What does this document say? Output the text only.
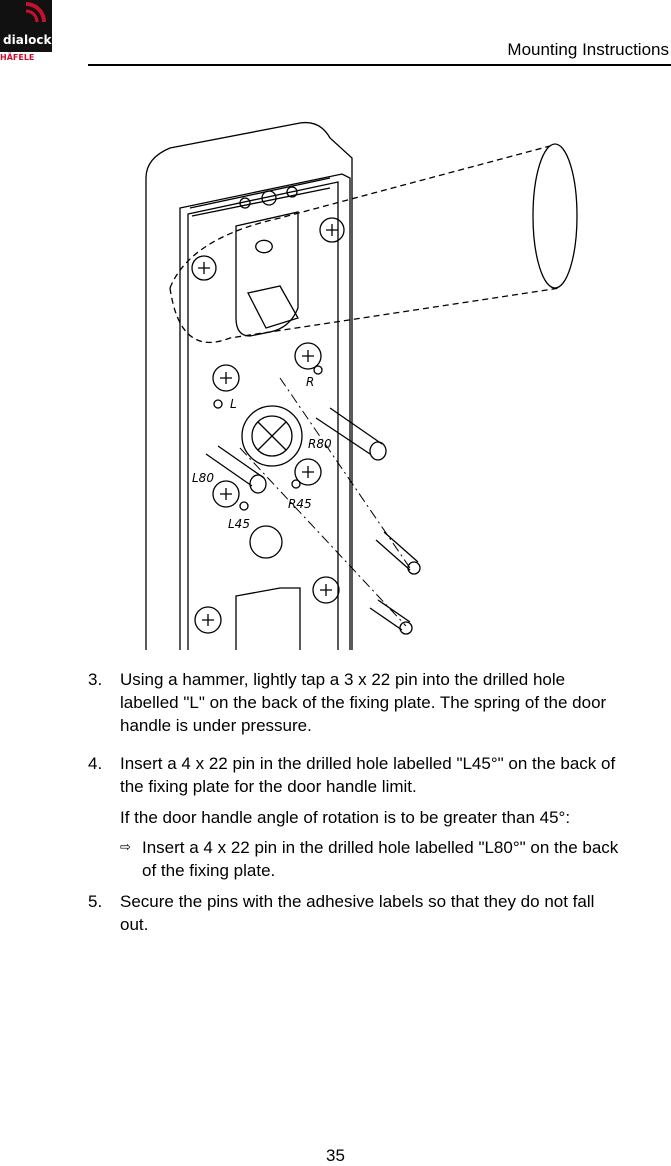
dia lock
HÄFELE	Mounting Instructions
L
R
L80
R80
L45
R45
3. Using a hammer, lightly tap a 3 x 22 pin into the drilled hole
labelled "L" on the back of the fixing plate. The spring of the door
handle is under pressure.
4. Insert a 4 x 22 pin in the drilled hole labelled "L45°" on the back of
the fixing plate for the door handle limit.
If the door handle angle of rotation is to be greater than 45°:
⇨ Insert a 4 x 22 pin in the drilled hole labelled "L80°" on the back
of the fixing plate.
5. Secure the pins with the adhesive labels so that they do not fall
out.
35
